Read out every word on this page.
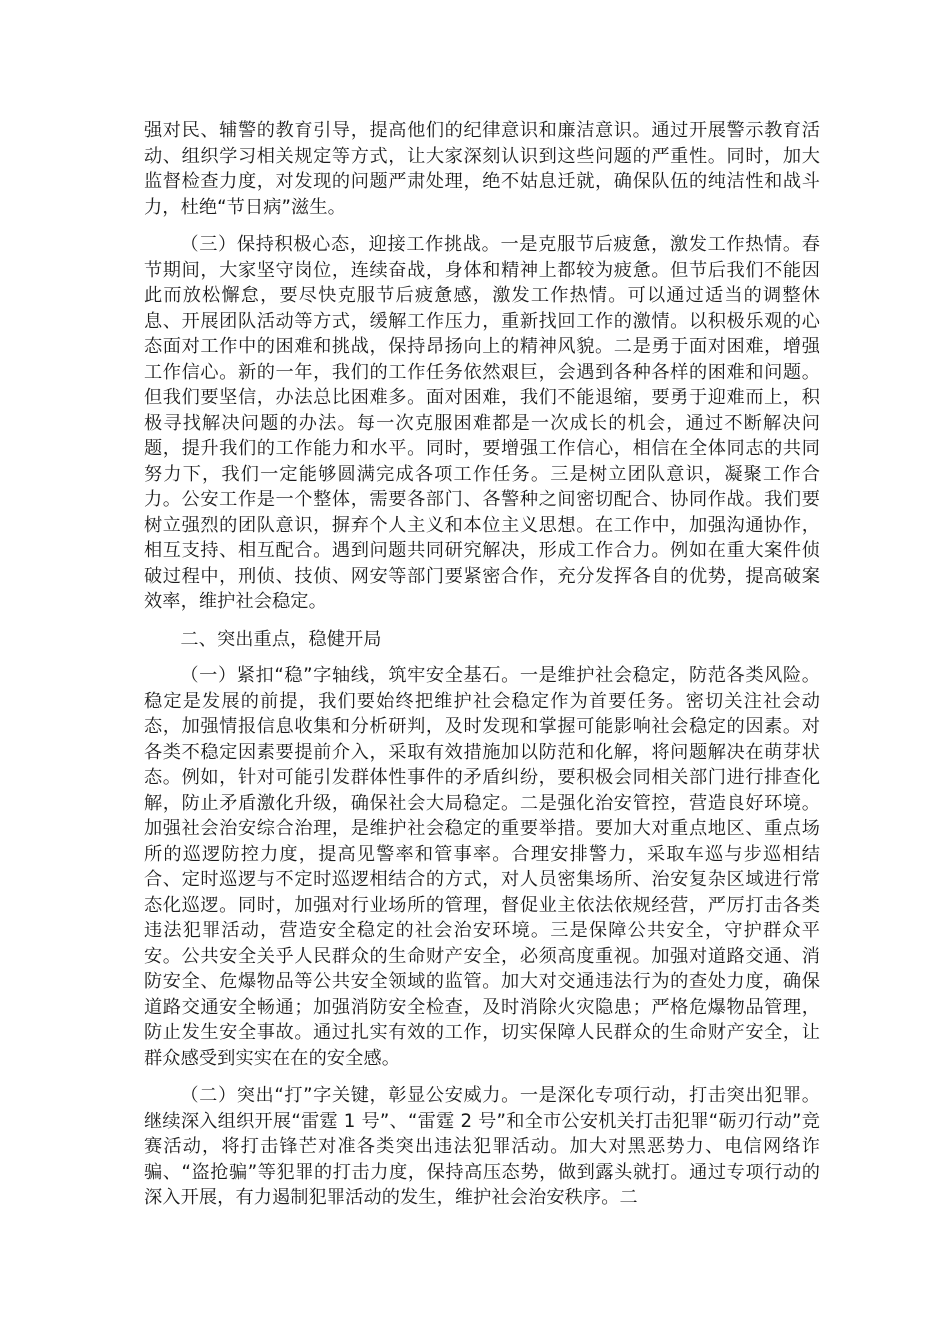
强对民、辅警的教育引导，提高他们的纪律意识和廉洁意识。通过开展警示教育活动、组织学习相关规定等方式，让大家深刻认识到这些问题的严重性。同时，加大监督检查力度，对发现的问题严肃处理，绝不姑息迁就，确保队伍的纯洁性和战斗力，杜绝“节日病”滋生。

（三）保持积极心态，迎接工作挑战。一是克服节后疲惫，激发工作热情。春节期间，大家坚守岗位，连续奋战，身体和精神上都较为疲惫。但节后我们不能因此而放松懈怠，要尽快克服节后疲惫感，激发工作热情。可以通过适当的调整休息、开展团队活动等方式，缓解工作压力，重新找回工作的激情。以积极乐观的心态面对工作中的困难和挑战，保持昂扬向上的精神风貌。二是勇于面对困难，增强工作信心。新的一年，我们的工作任务依然艰巨，会遇到各种各样的困难和问题。但我们要坚信，办法总比困难多。面对困难，我们不能退缩，要勇于迎难而上，积极寻找解决问题的办法。每一次克服困难都是一次成长的机会，通过不断解决问题，提升我们的工作能力和水平。同时，要增强工作信心，相信在全体同志的共同努力下，我们一定能够圆满完成各项工作任务。三是树立团队意识，凝聚工作合力。公安工作是一个整体，需要各部门、各警种之间密切配合、协同作战。我们要树立强烈的团队意识，摒弃个人主义和本位主义思想。在工作中，加强沟通协作，相互支持、相互配合。遇到问题共同研究解决，形成工作合力。例如在重大案件侦破过程中，刑侦、技侦、网安等部门要紧密合作，充分发挥各自的优势，提高破案效率，维护社会稳定。

二、突出重点，稳健开局

（一）紧扣“稳”字轴线，筑牢安全基石。一是维护社会稳定，防范各类风险。稳定是发展的前提，我们要始终把维护社会稳定作为首要任务。密切关注社会动态，加强情报信息收集和分析研判，及时发现和掌握可能影响社会稳定的因素。对各类不稳定因素要提前介入，采取有效措施加以防范和化解，将问题解决在萌芽状态。例如，针对可能引发群体性事件的矛盾纠纷，要积极会同相关部门进行排查化解，防止矛盾激化升级，确保社会大局稳定。二是强化治安管控，营造良好环境。加强社会治安综合治理，是维护社会稳定的重要举措。要加大对重点地区、重点场所的巡逻防控力度，提高见警率和管事率。合理安排警力，采取车巡与步巡相结合、定时巡逻与不定时巡逻相结合的方式，对人员密集场所、治安复杂区域进行常态化巡逻。同时，加强对行业场所的管理，督促业主依法依规经营，严厉打击各类违法犯罪活动，营造安全稳定的社会治安环境。三是保障公共安全，守护群众平安。公共安全关乎人民群众的生命财产安全，必须高度重视。加强对道路交通、消防安全、危爆物品等公共安全领域的监管。加大对交通违法行为的查处力度，确保道路交通安全畅通；加强消防安全检查，及时消除火灾隐患；严格危爆物品管理，防止发生安全事故。通过扎实有效的工作，切实保障人民群众的生命财产安全，让群众感受到实实在在的安全感。

（二）突出“打”字关键，彰显公安威力。一是深化专项行动，打击突出犯罪。继续深入组织开展“雷霆 1 号”、“雷霆 2 号”和全市公安机关打击犯罪“砺刃行动”竞赛活动，将打击锋芒对准各类突出违法犯罪活动。加大对黑恶势力、电信网络诈骗、“盗抢骗”等犯罪的打击力度，保持高压态势，做到露头就打。通过专项行动的深入开展，有力遏制犯罪活动的发生，维护社会治安秩序。二
